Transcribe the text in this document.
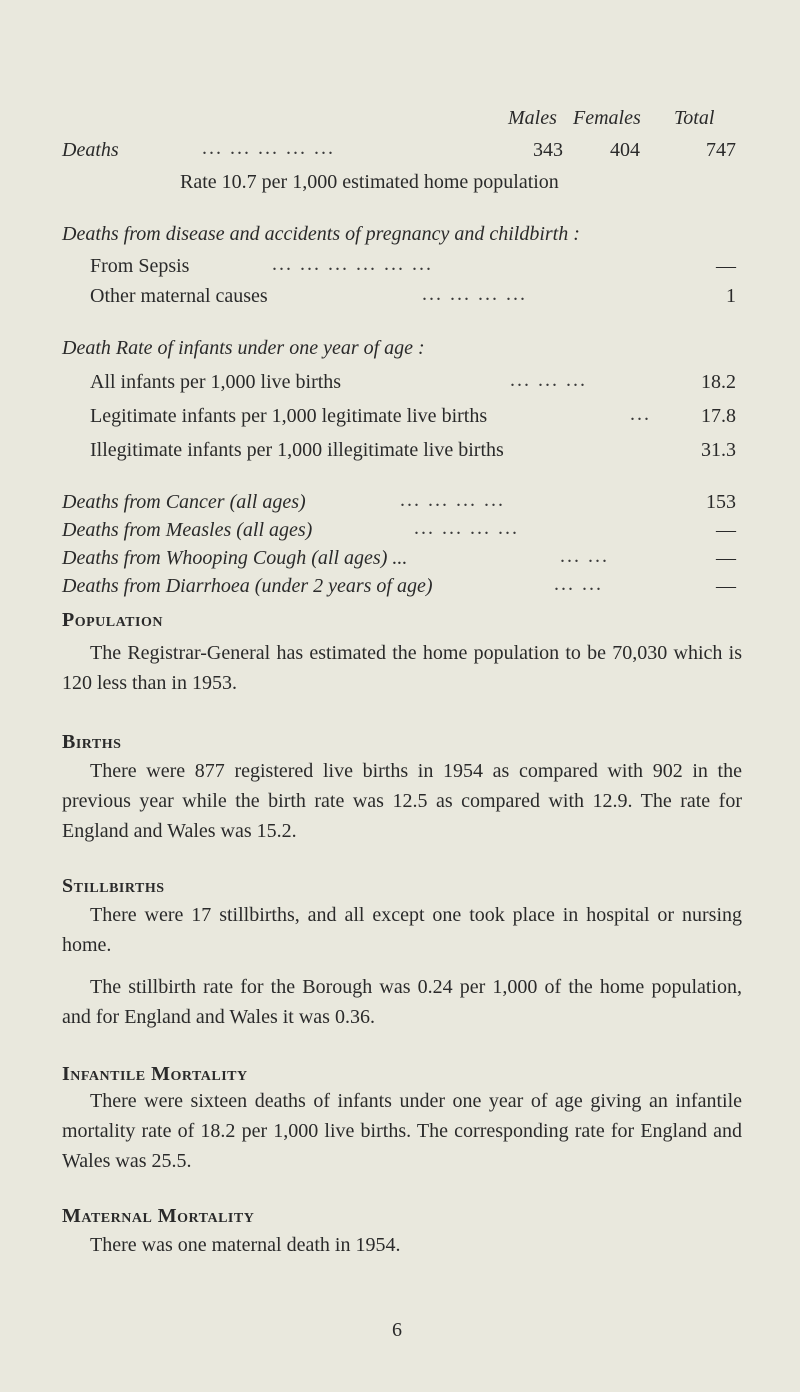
Males Females Total
Deaths	... ... ... ... ...	343	404	747
Rate 10.7 per 1,000 estimated home population
Deaths from disease and accidents of pregnancy and childbirth :
From Sepsis	... ... ... ... ... ...	—
Other maternal causes	... ... ... ...	1
Death Rate of infants under one year of age :
All infants per 1,000 live births	... ... ...	18.2
Legitimate infants per 1,000 legitimate live births	...	17.8
Illegitimate infants per 1,000 illegitimate live births	31.3
Deaths from Cancer (all ages)	... ... ... ...	153
Deaths from Measles (all ages)	... ... ... ...	—
Deaths from Whooping Cough (all ages) ...	... ...	—
Deaths from Diarrhoea (under 2 years of age)	... ...	—
Population

The Registrar-General has estimated the home population to be 70,030 which is 120 less than in 1953.

Births

There were 877 registered live births in 1954 as compared with 902 in the previous year while the birth rate was 12.5 as compared with 12.9. The rate for England and Wales was 15.2.

Stillbirths

There were 17 stillbirths, and all except one took place in hospital or nursing home.

The stillbirth rate for the Borough was 0.24 per 1,000 of the home population, and for England and Wales it was 0.36.

Infantile Mortality

There were sixteen deaths of infants under one year of age giving an infantile mortality rate of 18.2 per 1,000 live births. The corresponding rate for England and Wales was 25.5.

Maternal Mortality

There was one maternal death in 1954.

6
